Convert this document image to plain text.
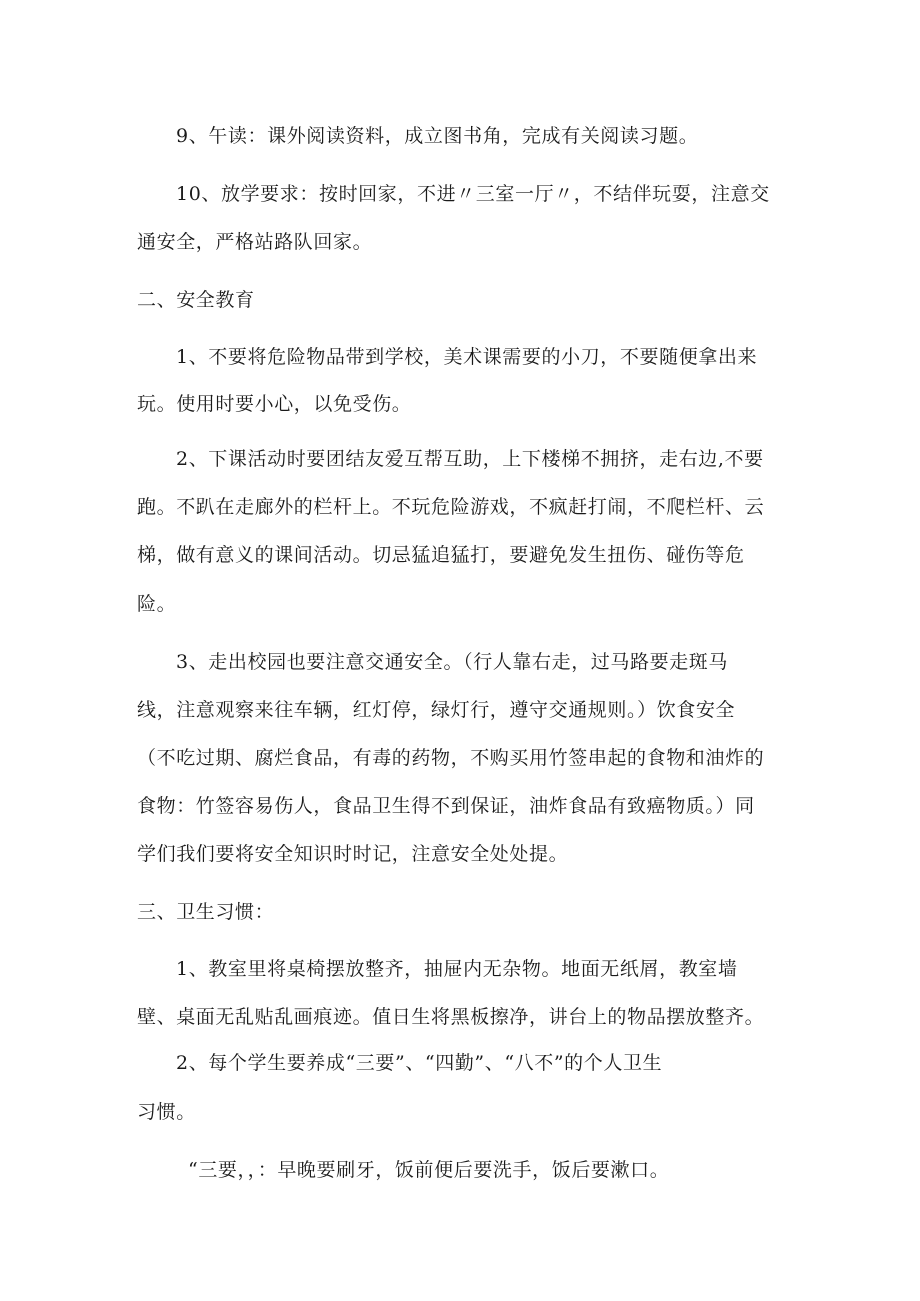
9、午读：课外阅读资料，成立图书角，完成有关阅读习题。
10、放学要求：按时回家，不进〃三室一厅〃，不结伴玩耍，注意交
通安全，严格站路队回家。
二、安全教育
1、不要将危险物品带到学校，美术课需要的小刀，不要随便拿出来
玩。使用时要小心，以免受伤。
2、下课活动时要团结友爱互帮互助，上下楼梯不拥挤，走右边,不要
跑。不趴在走廊外的栏杆上。不玩危险游戏，不疯赶打闹，不爬栏杆、云
梯，做有意义的课间活动。切忌猛追猛打，要避免发生扭伤、碰伤等危
险。
3、走出校园也要注意交通安全。（行人靠右走，过马路要走斑马
线，注意观察来往车辆，红灯停，绿灯行，遵守交通规则。）饮食安全
（不吃过期、腐烂食品，有毒的药物，不购买用竹签串起的食物和油炸的
食物：竹签容易伤人，食品卫生得不到保证，油炸食品有致癌物质。）同
学们我们要将安全知识时时记，注意安全处处提。
三、卫生习惯：
1、教室里将桌椅摆放整齐，抽屉内无杂物。地面无纸屑，教室墙
壁、桌面无乱贴乱画痕迹。值日生将黑板擦净，讲台上的物品摆放整齐。
2、每个学生要养成“三要”、“四勤”、“八不”的个人卫生
习惯。
“三要，，：早晚要刷牙，饭前便后要洗手，饭后要漱口。
